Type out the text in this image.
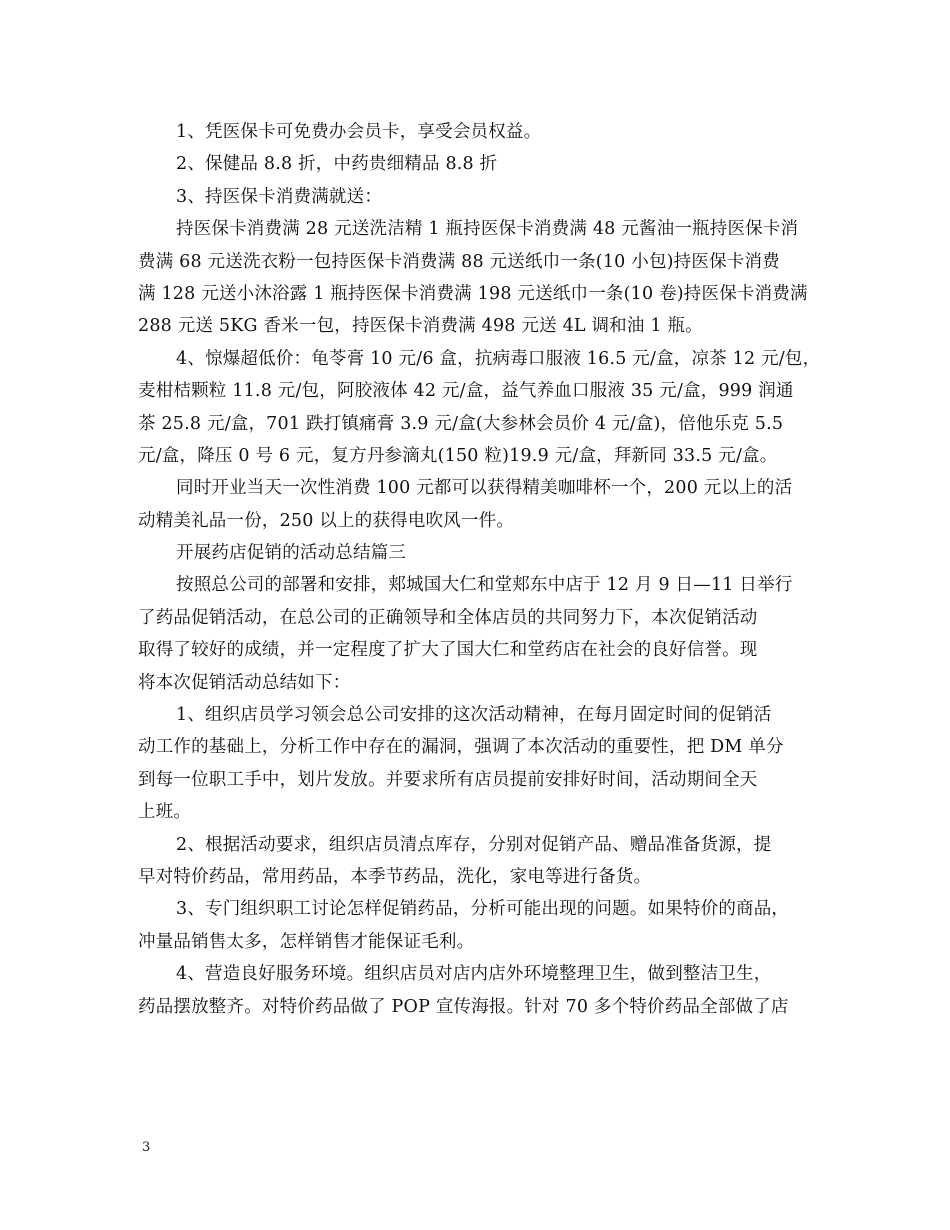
1、凭医保卡可免费办会员卡，享受会员权益。
2、保健品 8.8 折，中药贵细精品 8.8 折
3、持医保卡消费满就送：
持医保卡消费满 28 元送洗洁精 1 瓶持医保卡消费满 48 元酱油一瓶持医保卡消
费满 68 元送洗衣粉一包持医保卡消费满 88 元送纸巾一条(10 小包)持医保卡消费
满 128 元送小沐浴露 1 瓶持医保卡消费满 198 元送纸巾一条(10 卷)持医保卡消费满
288 元送 5KG 香米一包，持医保卡消费满 498 元送 4L 调和油 1 瓶。
4、惊爆超低价：龟苓膏 10 元/6 盒，抗病毒口服液 16.5 元/盒，凉茶 12 元/包，
麦柑桔颗粒 11.8 元/包，阿胶液体 42 元/盒，益气养血口服液 35 元/盒，999 润通
茶 25.8 元/盒，701 跌打镇痛膏 3.9 元/盒(大参林会员价 4 元/盒)，倍他乐克 5.5
元/盒，降压 0 号 6 元，复方丹参滴丸(150 粒)19.9 元/盒，拜新同 33.5 元/盒。
同时开业当天一次性消费 100 元都可以获得精美咖啡杯一个，200 元以上的活
动精美礼品一份，250 以上的获得电吹风一件。
开展药店促销的活动总结篇三
按照总公司的部署和安排，郏城国大仁和堂郏东中店于 12 月 9 日—11 日举行
了药品促销活动，在总公司的正确领导和全体店员的共同努力下，本次促销活动
取得了较好的成绩，并一定程度了扩大了国大仁和堂药店在社会的良好信誉。现
将本次促销活动总结如下：
1、组织店员学习领会总公司安排的这次活动精神，在每月固定时间的促销活
动工作的基础上，分析工作中存在的漏洞，强调了本次活动的重要性，把 DM 单分
到每一位职工手中，划片发放。并要求所有店员提前安排好时间，活动期间全天
上班。
2、根据活动要求，组织店员清点库存，分别对促销产品、赠品准备货源，提
早对特价药品，常用药品，本季节药品，洗化，家电等进行备货。
3、专门组织职工讨论怎样促销药品，分析可能出现的问题。如果特价的商品，
冲量品销售太多，怎样销售才能保证毛利。
4、营造良好服务环境。组织店员对店内店外环境整理卫生，做到整洁卫生，
药品摆放整齐。对特价药品做了 POP 宣传海报。针对 70 多个特价药品全部做了店
3
